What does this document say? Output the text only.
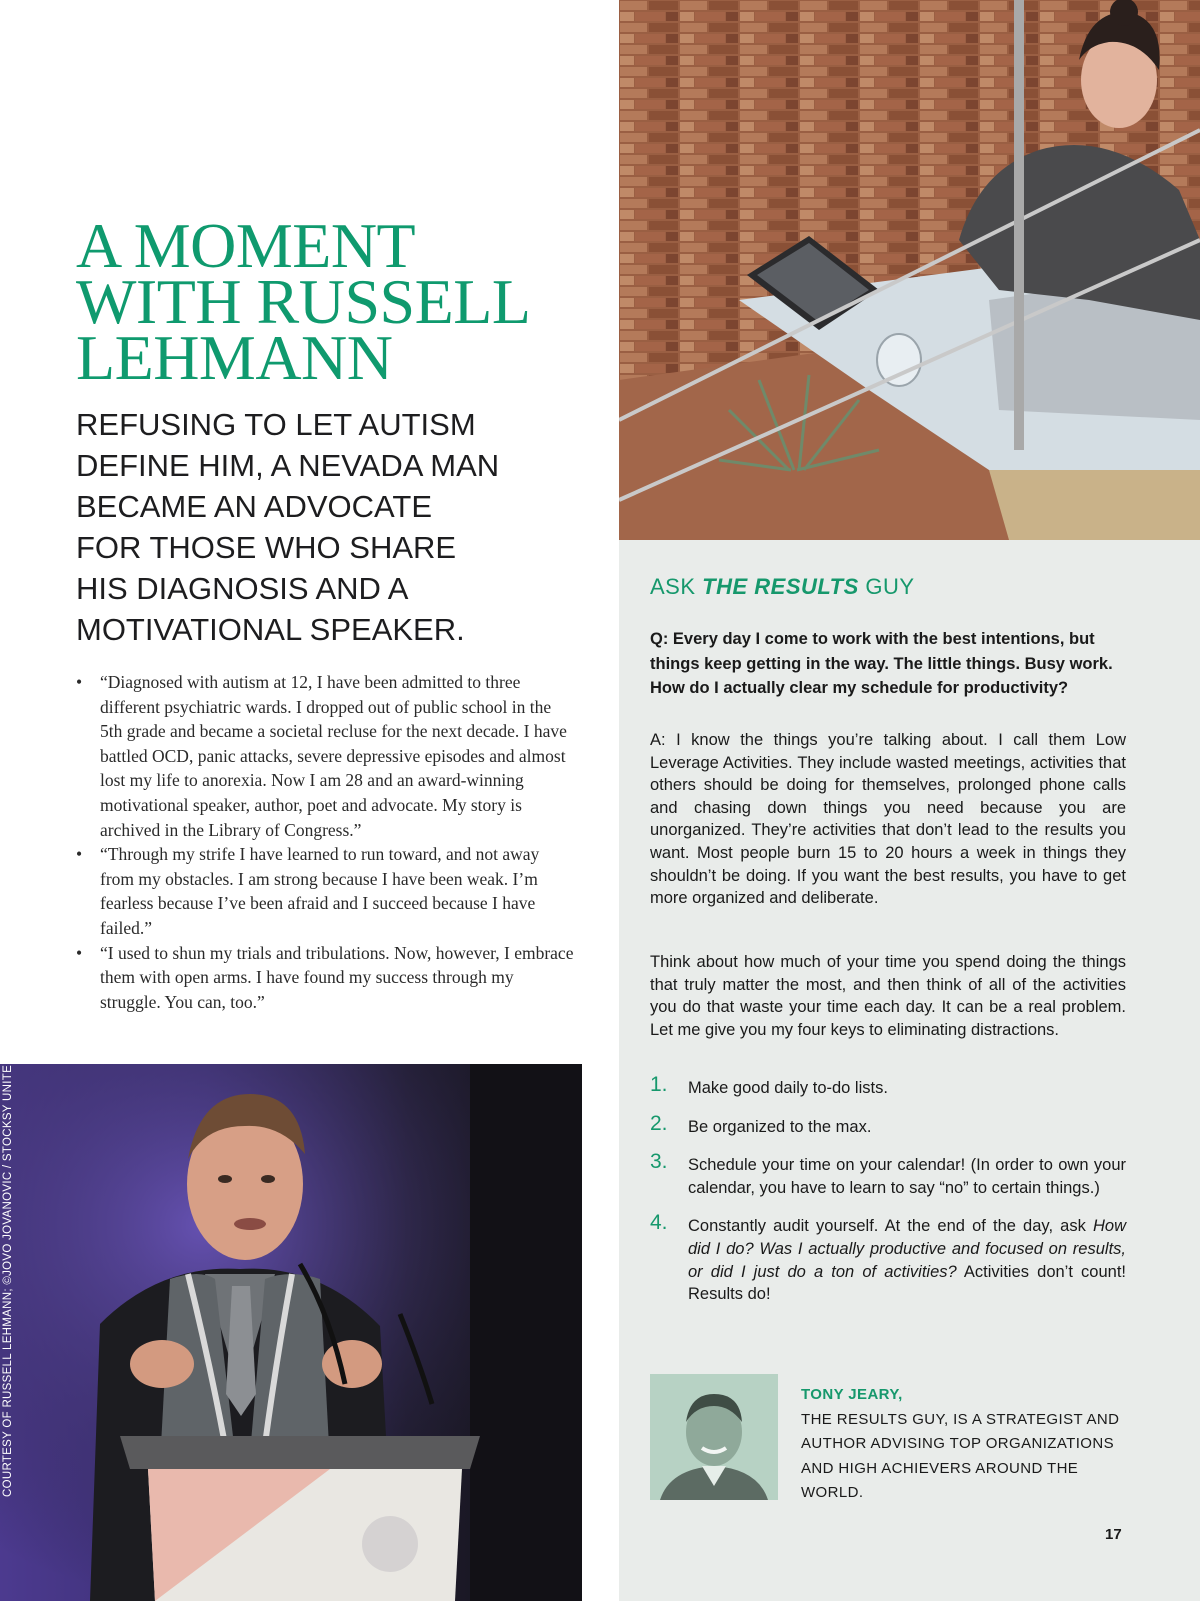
A MOMENT
WITH RUSSELL
LEHMANN
REFUSING TO LET AUTISM
DEFINE HIM, A NEVADA MAN
BECAME AN ADVOCATE
FOR THOSE WHO SHARE
HIS DIAGNOSIS AND A
MOTIVATIONAL SPEAKER.
• “Diagnosed with autism at 12, I have been admitted to three different psychiatric wards. I dropped out of public school in the 5th grade and became a societal recluse for the next decade. I have battled OCD, panic attacks, severe depressive episodes and almost lost my life to anorexia. Now I am 28 and an award-winning motivational speaker, author, poet and advocate. My story is archived in the Library of Congress.”
• “Through my strife I have learned to run toward, and not away from my obstacles. I am strong because I have been weak. I’m fearless because I’ve been afraid and I succeed because I have failed.”
• “I used to shun my trials and tribulations. Now, however, I embrace them with open arms. I have found my success through my struggle. You can, too.”
COURTESY OF RUSSELL LEHMANN; ©JOVO JOVANOVIC / STOCKSY UNITED
ASK THE RESULTS GUY

Q: Every day I come to work with the best intentions, but things keep getting in the way. The little things. Busy work. How do I actually clear my schedule for productivity?

A: I know the things you’re talking about. I call them Low Leverage Activities. They include wasted meetings, activities that others should be doing for themselves, prolonged phone calls and chasing down things you need because you are unorganized. They’re activities that don’t lead to the results you want. Most people burn 15 to 20 hours a week in things they shouldn’t be doing. If you want the best results, you have to get more organized and deliberate.

Think about how much of your time you spend doing the things that truly matter the most, and then think of all of the activities you do that waste your time each day. It can be a real problem. Let me give you my four keys to eliminating distractions.

1. Make good daily to-do lists.
2. Be organized to the max.
3. Schedule your time on your calendar! (In order to own your calendar, you have to learn to say “no” to certain things.)
4. Constantly audit yourself. At the end of the day, ask How did I do? Was I actually productive and focused on results, or did I just do a ton of activities? Activities don’t count! Results do!
TONY JEARY,
THE RESULTS GUY, IS A STRATEGIST AND AUTHOR ADVISING TOP ORGANIZATIONS AND HIGH ACHIEVERS AROUND THE WORLD.
17
